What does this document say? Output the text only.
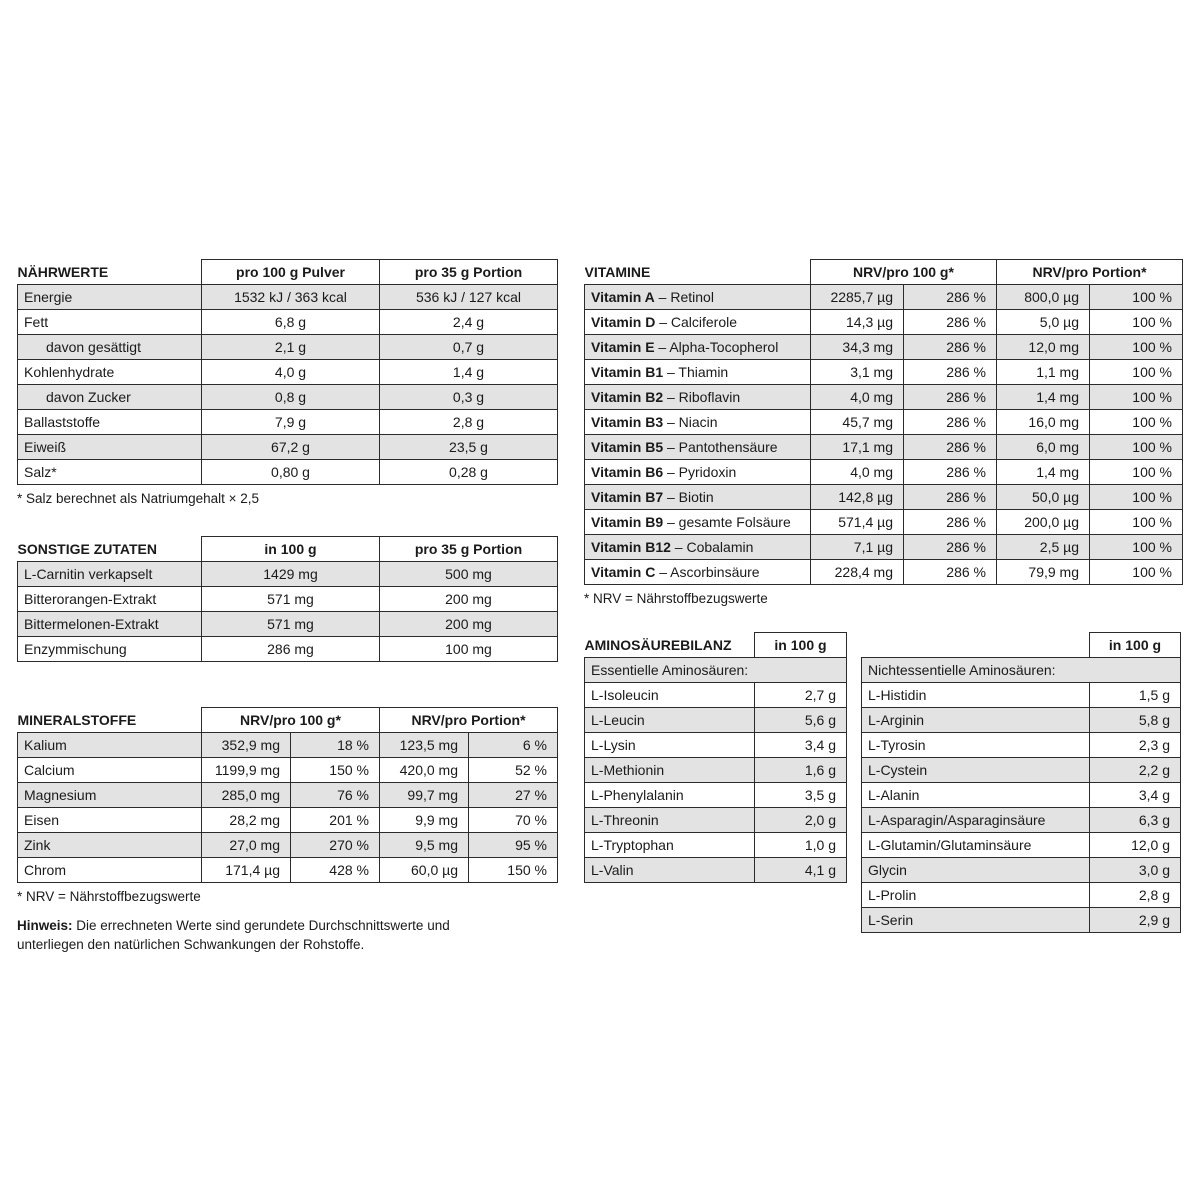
NÄHRWERTE	pro 100 g Pulver	pro 35 g Portion
Energie	1532 kJ / 363 kcal	536 kJ / 127 kcal
Fett	6,8 g	2,4 g
davon gesättigt	2,1 g	0,7 g
Kohlenhydrate	4,0 g	1,4 g
davon Zucker	0,8 g	0,3 g
Ballaststoffe	7,9 g	2,8 g
Eiweiß	67,2 g	23,5 g
Salz*	0,80 g	0,28 g
* Salz berechnet als Natriumgehalt × 2,5
SONSTIGE ZUTATEN	in 100 g	pro 35 g Portion
L-Carnitin verkapselt	1429 mg	500 mg
Bitterorangen-Extrakt	571 mg	200 mg
Bittermelonen-Extrakt	571 mg	200 mg
Enzymmischung	286 mg	100 mg
MINERALSTOFFE	NRV/pro 100 g*		NRV/pro Portion*	
Kalium	352,9 mg	18 %	123,5 mg	6 %
Calcium	1199,9 mg	150 %	420,0 mg	52 %
Magnesium	285,0 mg	76 %	99,7 mg	27 %
Eisen	28,2 mg	201 %	9,9 mg	70 %
Zink	27,0 mg	270 %	9,5 mg	95 %
Chrom	171,4 µg	428 %	60,0 µg	150 %
* NRV = Nährstoffbezugswerte
Hinweis: Die errechneten Werte sind gerundete Durchschnittswerte und
unterliegen den natürlichen Schwankungen der Rohstoffe.
VITAMINE	NRV/pro 100 g*		NRV/pro Portion*	
Vitamin A – Retinol	2285,7 µg	286 %	800,0 µg	100 %
Vitamin D – Calciferole	14,3 µg	286 %	5,0 µg	100 %
Vitamin E – Alpha-Tocopherol	34,3 mg	286 %	12,0 mg	100 %
Vitamin B1 – Thiamin	3,1 mg	286 %	1,1 mg	100 %
Vitamin B2 – Riboflavin	4,0 mg	286 %	1,4 mg	100 %
Vitamin B3 – Niacin	45,7 mg	286 %	16,0 mg	100 %
Vitamin B5 – Pantothensäure	17,1 mg	286 %	6,0 mg	100 %
Vitamin B6 – Pyridoxin	4,0 mg	286 %	1,4 mg	100 %
Vitamin B7 – Biotin	142,8 µg	286 %	50,0 µg	100 %
Vitamin B9 – gesamte Folsäure	571,4 µg	286 %	200,0 µg	100 %
Vitamin B12 – Cobalamin	7,1 µg	286 %	2,5 µg	100 %
Vitamin C – Ascorbinsäure	228,4 mg	286 %	79,9 mg	100 %
* NRV = Nährstoffbezugswerte
AMINOSÄUREBILANZ	in 100 g
Essentielle Aminosäuren:	
L-Isoleucin	2,7 g
L-Leucin	5,6 g
L-Lysin	3,4 g
L-Methionin	1,6 g
L-Phenylalanin	3,5 g
L-Threonin	2,0 g
L-Tryptophan	1,0 g
L-Valin	4,1 g
	in 100 g
Nichtessentielle Aminosäuren:	
L-Histidin	1,5 g
L-Arginin	5,8 g
L-Tyrosin	2,3 g
L-Cystein	2,2 g
L-Alanin	3,4 g
L-Asparagin/Asparaginsäure	6,3 g
L-Glutamin/Glutaminsäure	12,0 g
Glycin	3,0 g
L-Prolin	2,8 g
L-Serin	2,9 g
